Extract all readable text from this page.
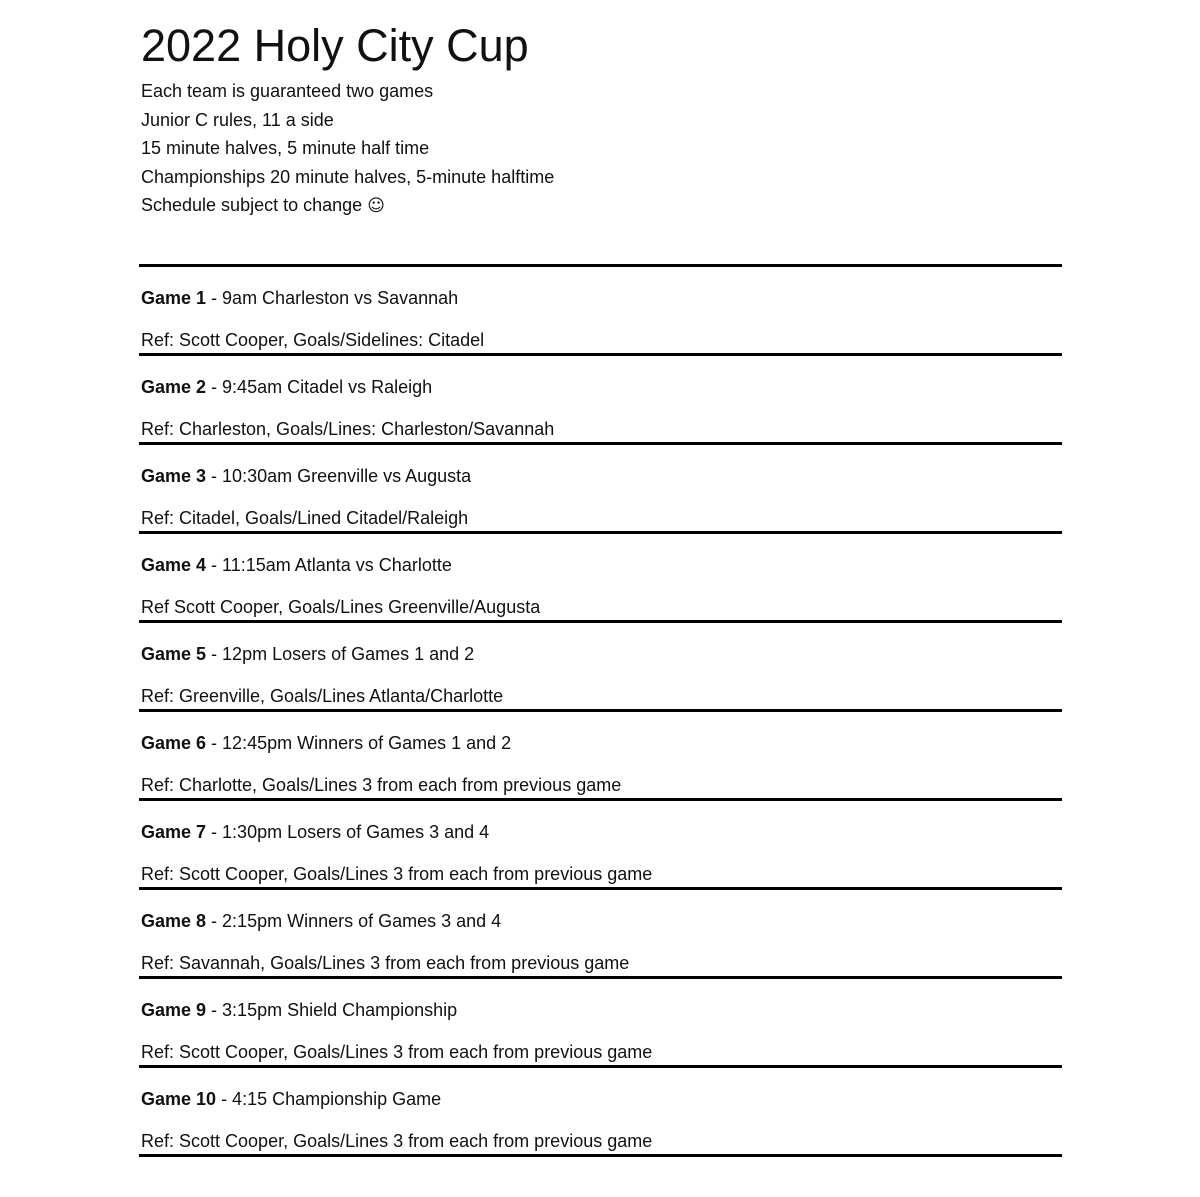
2022 Holy City Cup
Each team is guaranteed two games
Junior C rules, 11 a side
15 minute halves, 5 minute half time
Championships 20 minute halves, 5-minute halftime
Schedule subject to change ☺
Game 1 - 9am Charleston vs Savannah
Ref: Scott Cooper, Goals/Sidelines: Citadel
Game 2 - 9:45am Citadel vs Raleigh
Ref: Charleston, Goals/Lines: Charleston/Savannah
Game 3 - 10:30am Greenville vs Augusta
Ref: Citadel, Goals/Lined Citadel/Raleigh
Game 4 - 11:15am Atlanta vs Charlotte
Ref Scott Cooper, Goals/Lines Greenville/Augusta
Game 5 - 12pm Losers of Games 1 and 2
Ref: Greenville, Goals/Lines Atlanta/Charlotte
Game 6 - 12:45pm Winners of Games 1 and 2
Ref: Charlotte, Goals/Lines 3 from each from previous game
Game 7 - 1:30pm Losers of Games 3 and 4
Ref: Scott Cooper, Goals/Lines 3 from each from previous game
Game 8 - 2:15pm Winners of Games 3 and 4
Ref: Savannah, Goals/Lines 3 from each from previous game
Game 9 - 3:15pm Shield Championship
Ref: Scott Cooper, Goals/Lines 3 from each from previous game
Game 10 - 4:15 Championship Game
Ref: Scott Cooper, Goals/Lines 3 from each from previous game
